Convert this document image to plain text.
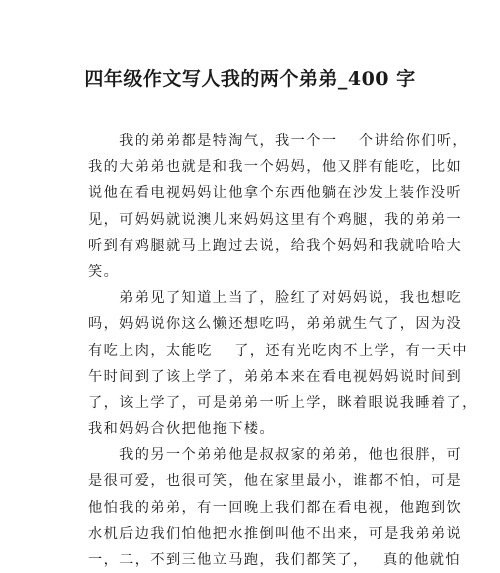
四年级作文写人我的两个弟弟_400 字
　　我的弟弟都是特淘气，我一个一　 个讲给你们听，
我的大弟弟也就是和我一个妈妈，他又胖有能吃，比如
说他在看电视妈妈让他拿个东西他躺在沙发上装作没听
见，可妈妈就说澳儿来妈妈这里有个鸡腿，我的弟弟一
听到有鸡腿就马上跑过去说，给我个妈妈和我就哈哈大
笑。
　　弟弟见了知道上当了，脸红了对妈妈说，我也想吃
吗，妈妈说你这么懒还想吃吗，弟弟就生气了，因为没
有吃上肉，太能吃　 了，还有光吃肉不上学，有一天中
午时间到了该上学了，弟弟本来在看电视妈妈说时间到
了，该上学了，可是弟弟一听上学，眯着眼说我睡着了，
我和妈妈合伙把他拖下楼。
　　我的另一个弟弟他是叔叔家的弟弟，他也很胖，可
是很可爱，也很可笑，他在家里最小，谁都不怕，可是
他怕我的弟弟，有一回晚上我们都在看电视，他跑到饮
水机后边我们怕他把水推倒叫他不出来，可是我弟弟说
一，二，不到三他立马跑，我们都笑了，　 真的他就怕
